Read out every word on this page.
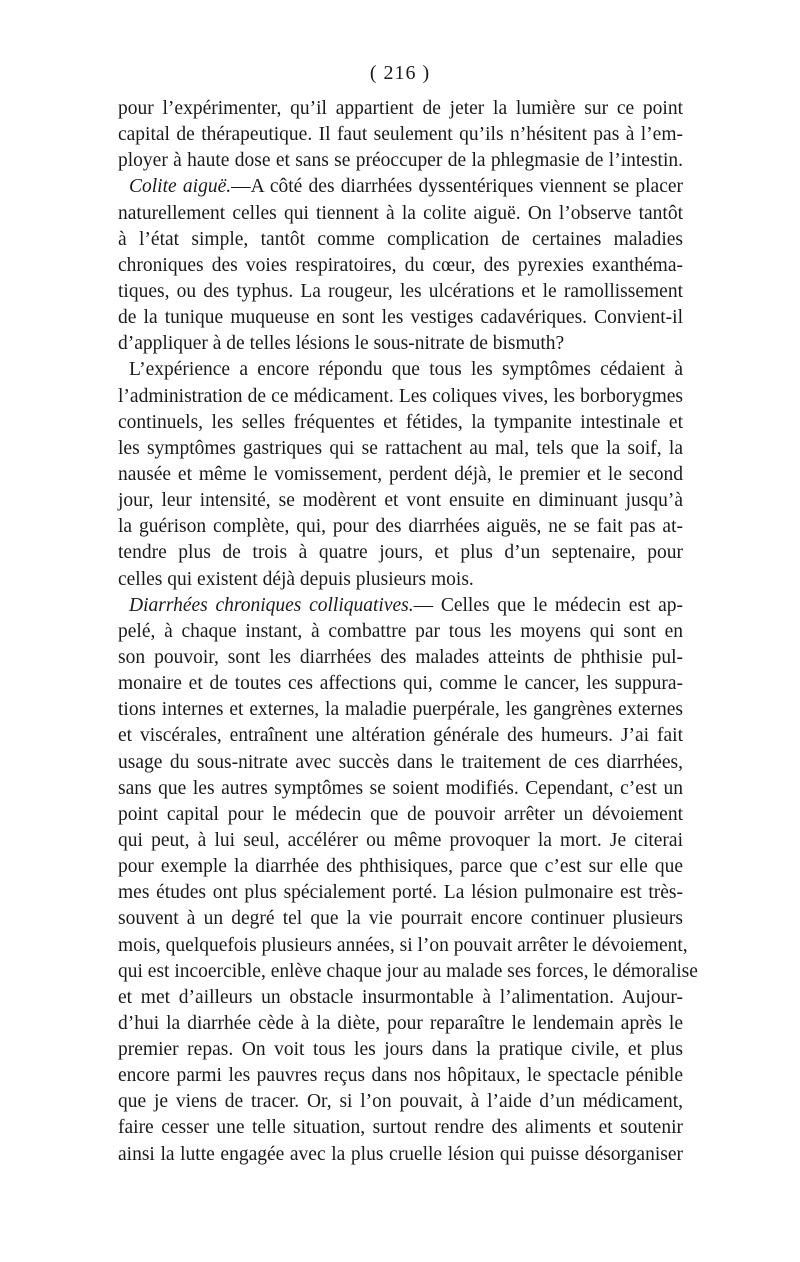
( 216 )
pour l’expérimenter, qu’il appartient de jeter la lumière sur ce point
capital de thérapeutique. Il faut seulement qu’ils n’hésitent pas à l’em-
ployer à haute dose et sans se préoccuper de la phlegmasie de l’intestin.
Colite aiguë.—A côté des diarrhées dyssentériques viennent se placer
naturellement celles qui tiennent à la colite aiguë. On l’observe tantôt
à l’état simple, tantôt comme complication de certaines maladies
chroniques des voies respiratoires, du cœur, des pyrexies exanthéma-
tiques, ou des typhus. La rougeur, les ulcérations et le ramollissement
de la tunique muqueuse en sont les vestiges cadavériques. Convient-il
d’appliquer à de telles lésions le sous-nitrate de bismuth?
L’expérience a encore répondu que tous les symptômes cédaient à
l’administration de ce médicament. Les coliques vives, les borborygmes
continuels, les selles fréquentes et fétides, la tympanite intestinale et
les symptômes gastriques qui se rattachent au mal, tels que la soif, la
nausée et même le vomissement, perdent déjà, le premier et le second
jour, leur intensité, se modèrent et vont ensuite en diminuant jusqu’à
la guérison complète, qui, pour des diarrhées aiguës, ne se fait pas at-
tendre plus de trois à quatre jours, et plus d’un septenaire, pour
celles qui existent déjà depuis plusieurs mois.
Diarrhées chroniques colliquatives.— Celles que le médecin est ap-
pelé, à chaque instant, à combattre par tous les moyens qui sont en
son pouvoir, sont les diarrhées des malades atteints de phthisie pul-
monaire et de toutes ces affections qui, comme le cancer, les suppura-
tions internes et externes, la maladie puerpérale, les gangrènes externes
et viscérales, entraînent une altération générale des humeurs. J’ai fait
usage du sous-nitrate avec succès dans le traitement de ces diarrhées,
sans que les autres symptômes se soient modifiés. Cependant, c’est un
point capital pour le médecin que de pouvoir arrêter un dévoiement
qui peut, à lui seul, accélérer ou même provoquer la mort. Je citerai
pour exemple la diarrhée des phthisiques, parce que c’est sur elle que
mes études ont plus spécialement porté. La lésion pulmonaire est très-
souvent à un degré tel que la vie pourrait encore continuer plusieurs
mois, quelquefois plusieurs années, si l’on pouvait arrêter le dévoiement,
qui est incoercible, enlève chaque jour au malade ses forces, le démoralise
et met d’ailleurs un obstacle insurmontable à l’alimentation. Aujour-
d’hui la diarrhée cède à la diète, pour reparaître le lendemain après le
premier repas. On voit tous les jours dans la pratique civile, et plus
encore parmi les pauvres reçus dans nos hôpitaux, le spectacle pénible
que je viens de tracer. Or, si l’on pouvait, à l’aide d’un médicament,
faire cesser une telle situation, surtout rendre des aliments et soutenir
ainsi la lutte engagée avec la plus cruelle lésion qui puisse désorganiser
